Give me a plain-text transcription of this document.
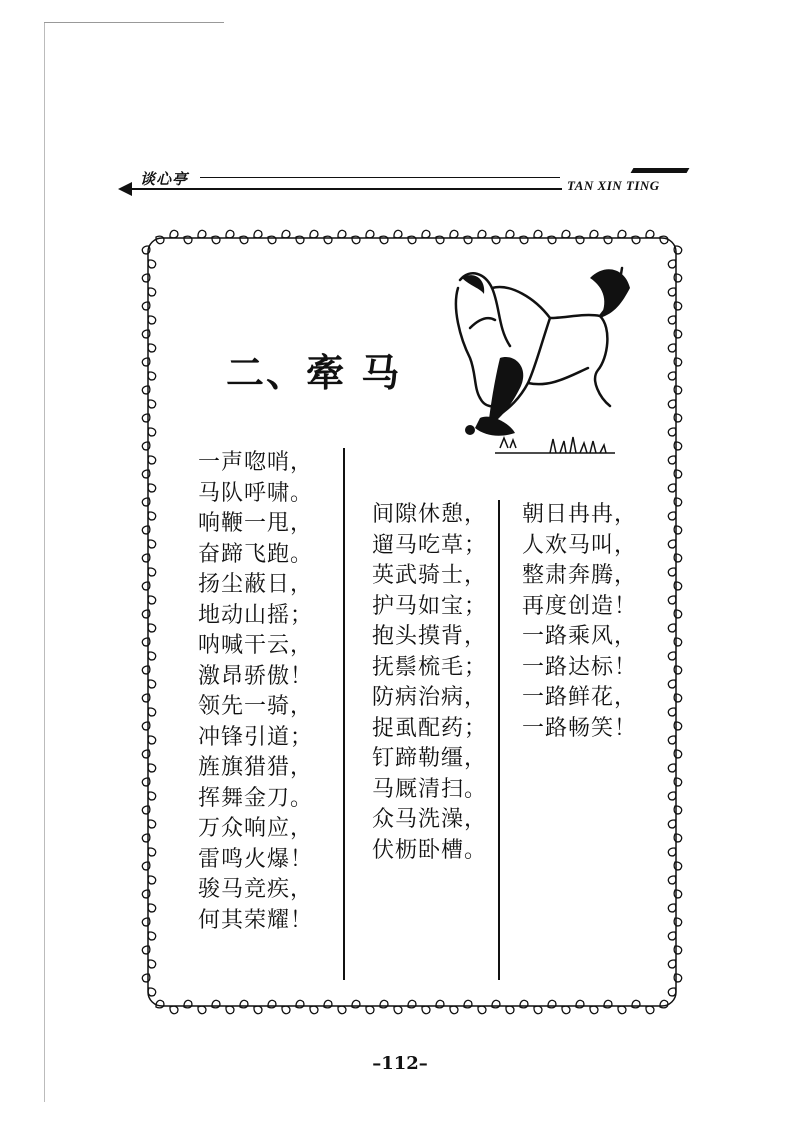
谈心亭	TAN XIN TING
二、牽 马
一声唿哨，
马队呼啸。
响鞭一甩，
奋蹄飞跑。
扬尘蔽日，
地动山摇；
呐喊干云，
激昂骄傲！
领先一骑，
冲锋引道；
旌旗猎猎，
挥舞金刀。
万众响应，
雷鸣火爆！
骏马竞疾，
何其荣耀！
间隙休憩，
遛马吃草；
英武骑士，
护马如宝；
抱头摸背，
抚鬃梳毛；
防病治病，
捉虱配药；
钉蹄勒缰，
马厩清扫。
众马洗澡，
伏枥卧槽。
朝日冉冉，
人欢马叫，
整肃奔腾，
再度创造！
一路乘风，
一路达标！
一路鲜花，
一路畅笑！
–112–
